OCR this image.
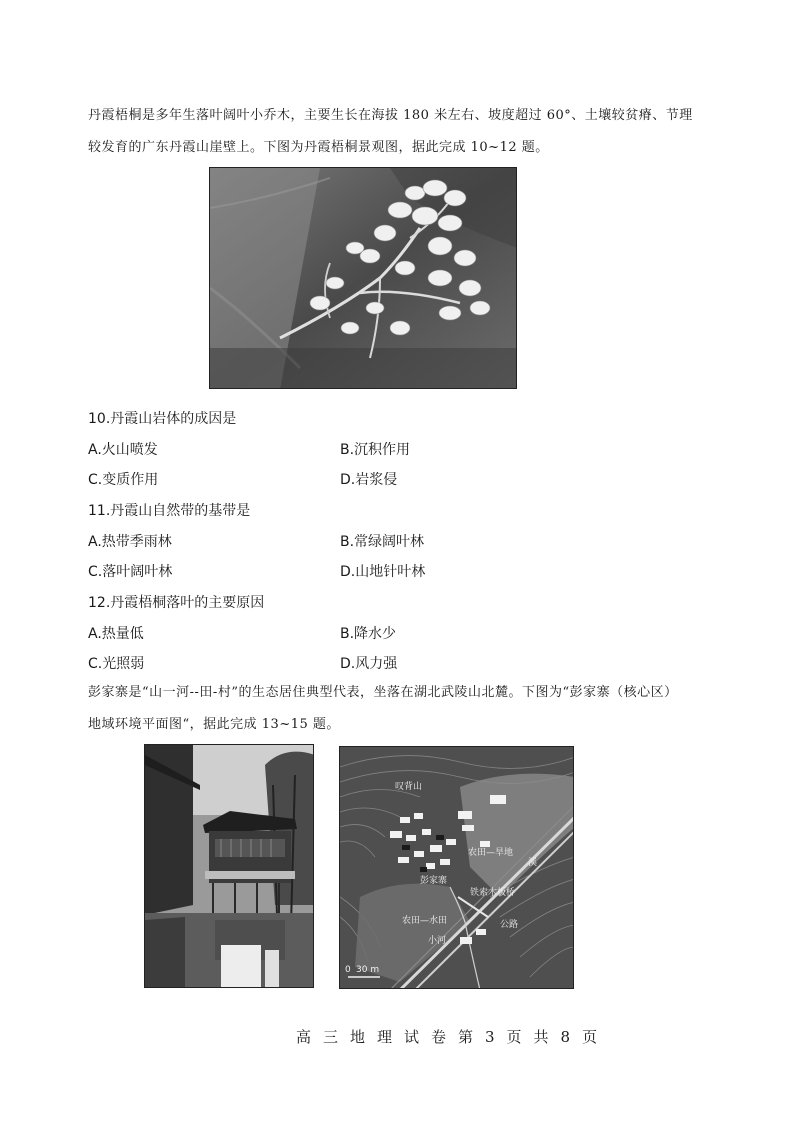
丹霞梧桐是多年生落叶阔叶小乔木，主要生长在海拔 180 米左右、坡度超过 60°、土壤较贫瘠、节理

较发育的广东丹霞山崖壁上。下图为丹霞梧桐景观图，据此完成 10~12 题。

10.丹霞山岩体的成因是

A.火山喷发	B.沉积作用

C.变质作用	D.岩浆侵

11.丹霞山自然带的基带是

A.热带季雨林	B.常绿阔叶林

C.落叶阔叶林	D.山地针叶林

12.丹霞梧桐落叶的主要原因

A.热量低	B.降水少

C.光照弱	D.风力强

彭家寨是“山一河--田-村”的生态居住典型代表，坐落在湖北武陵山北麓。下图为“彭家寨（核心区）

地域环境平面图“，据此完成 13~15 题。

叹背山
农田—旱地
溪
彭家寨
铁索木板桥
农田—水田
小河
公路
0 30 m

高三地理试卷第3页共8页
